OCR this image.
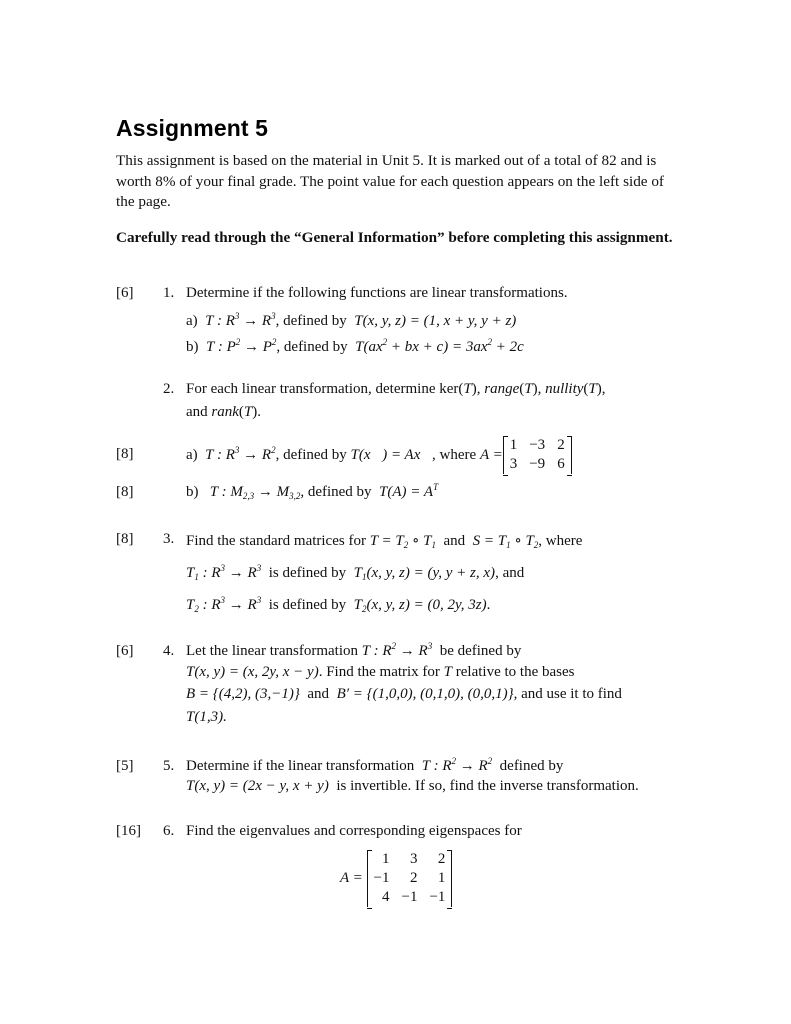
Assignment 5
This assignment is based on the material in Unit 5. It is marked out of a total of 82 and is worth 8% of your final grade. The point value for each question appears on the left side of the page.
Carefully read through the “General Information” before completing this assignment.
[6] 1. Determine if the following functions are linear transformations.
a) T : $R^3 \to R^3$, defined by T(x, y, z) = (1, x + y, y + z)
b) T : $P^2 \to P^2$, defined by $T(ax^2$ + bx + $c) = 3ax^2 + 2c$
2. For each linear transformation, determine ker(T), range(T), nullity(T),
and rank(T).
[8]	a)
T : $R^3 \to R^2$ , defined by
T(x⃗) = Ax⃗ , where
A =
1	−3	2
3	−9	6
[8]	b) T : $M_{2,3} \to M_{3,2}$, defined by $T(A) = A^T$
[8] 3. Find the standard matrices for $T = T_2$ ∘ $T_1$ and $S = T_1$ ∘ $T_2$, where
$T_1$ : $R^3 \to R^3$ is defined by $T_1(x$, y, z) = (y, y + z, x), and
$T_2$ : $R^3 \to R^3$ is defined by $T_2(x$, y, z) = (0, 2y, 3z).
[6] 4. Let the linear transformation T : $R^2 \to R^3$ be defined by
T(x, y) = (x, 2y, x − y). Find the matrix for T relative to the bases
B = {(4,2), (3,−1)} and B′ = {(1,0,0), (0,1,0), (0,0,1)}, and use it to find
T(1,3).
[5] 5. Determine if the linear transformation T : $R^2 \to R^2$ defined by
T(x, y) = (2x − y, x + y) is invertible. If so, find the inverse transformation.
[16] 6. Find the eigenvalues and corresponding eigenspaces for
A =

1	3	2
−1	2	1
4	−1	−1
